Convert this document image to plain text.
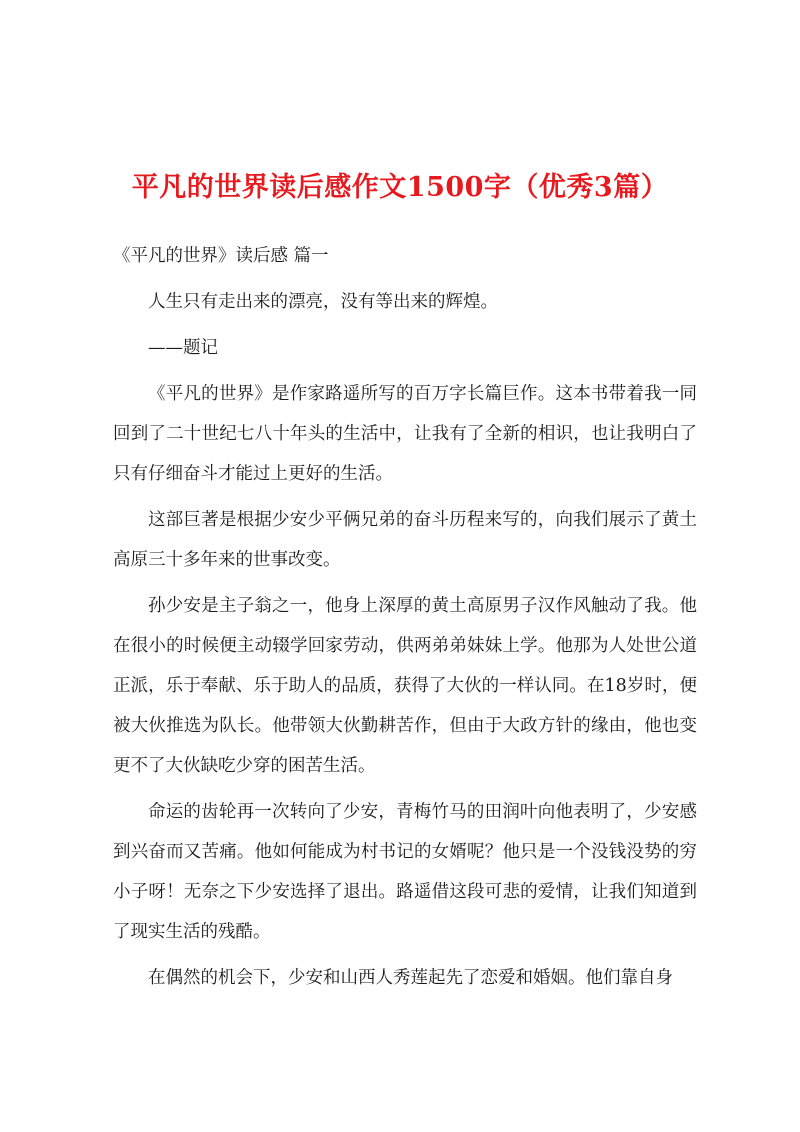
平凡的世界读后感作文1500字（优秀3篇）

《平凡的世界》读后感 篇一

人生只有走出来的漂亮，没有等出来的辉煌。

——题记

《平凡的世界》是作家路遥所写的百万字长篇巨作。这本书带着我一同回到了二十世纪七八十年头的生活中，让我有了全新的相识，也让我明白了只有仔细奋斗才能过上更好的生活。

这部巨著是根据少安少平俩兄弟的奋斗历程来写的，向我们展示了黄土高原三十多年来的世事改变。

孙少安是主子翁之一，他身上深厚的黄土高原男子汉作风触动了我。他在很小的时候便主动辍学回家劳动，供两弟弟妹妹上学。他那为人处世公道正派，乐于奉献、乐于助人的品质，获得了大伙的一样认同。在18岁时，便被大伙推选为队长。他带领大伙勤耕苦作，但由于大政方针的缘由，他也变更不了大伙缺吃少穿的困苦生活。

命运的齿轮再一次转向了少安，青梅竹马的田润叶向他表明了，少安感到兴奋而又苦痛。他如何能成为村书记的女婿呢？他只是一个没钱没势的穷小子呀！无奈之下少安选择了退出。路遥借这段可悲的爱情，让我们知道到了现实生活的残酷。

在偶然的机会下，少安和山西人秀莲起先了恋爱和婚姻。他们靠自身
